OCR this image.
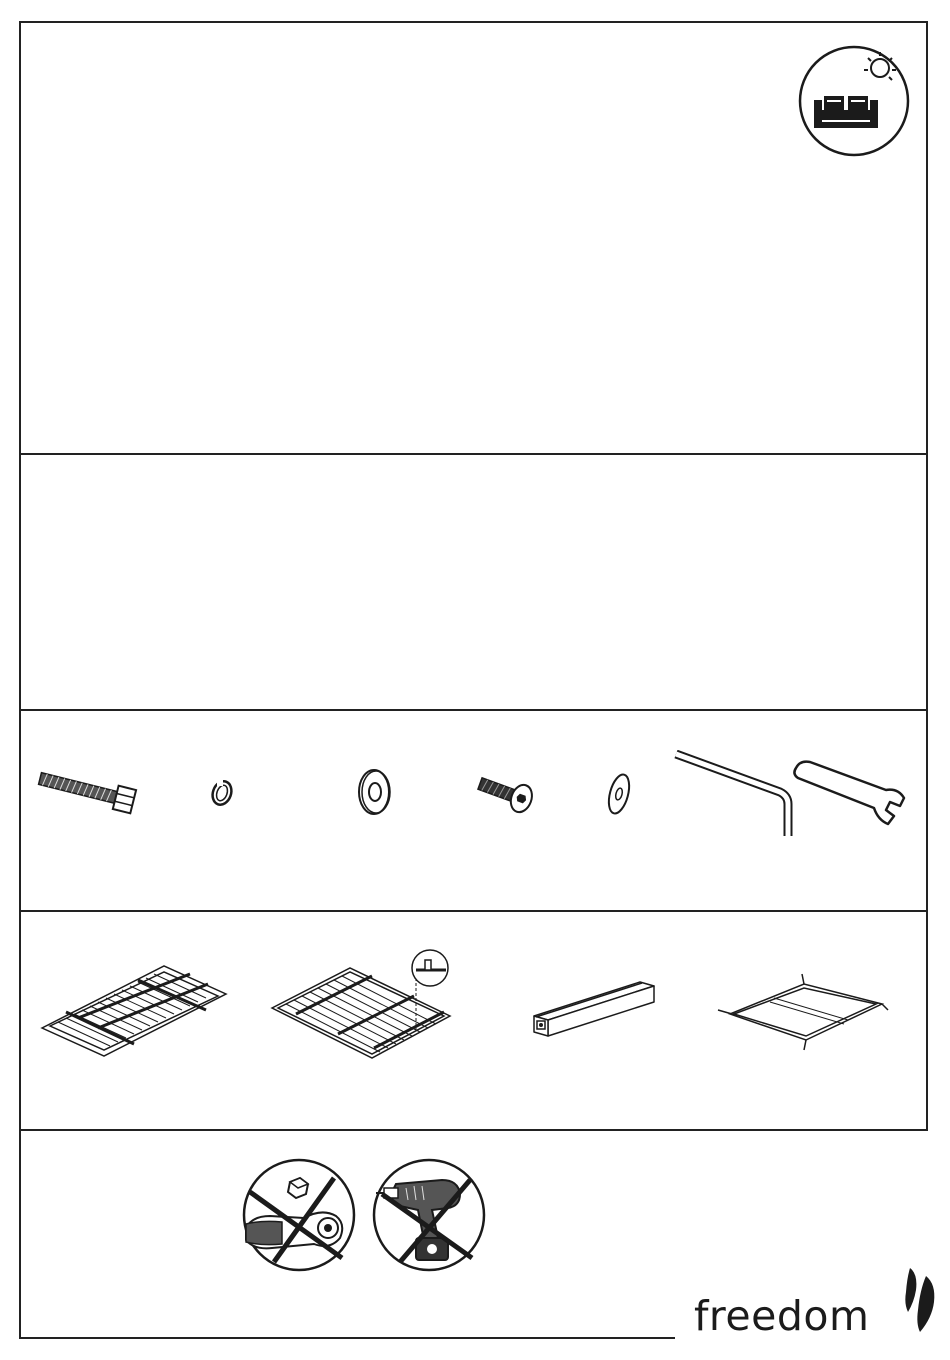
freedom
